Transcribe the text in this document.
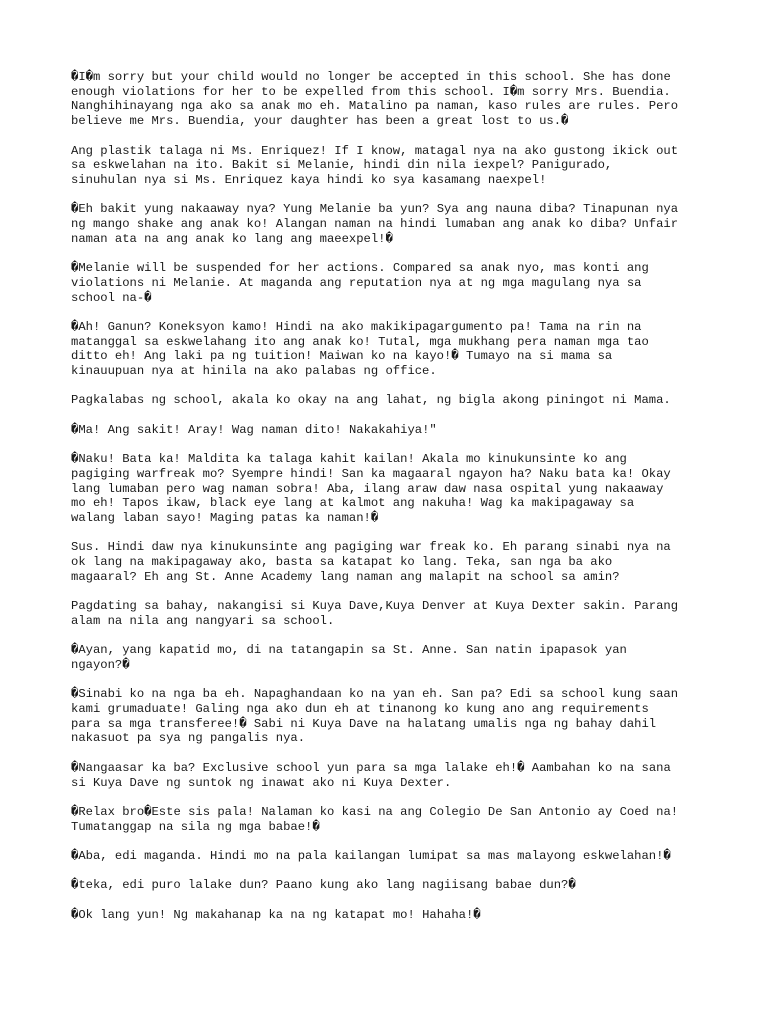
�I�m sorry but your child would no longer be accepted in this school. She has done
enough violations for her to be expelled from this school. I�m sorry Mrs. Buendia.
Nanghihinayang nga ako sa anak mo eh. Matalino pa naman, kaso rules are rules. Pero
believe me Mrs. Buendia, your daughter has been a great lost to us.�

Ang plastik talaga ni Ms. Enriquez! If I know, matagal nya na ako gustong ikick out
sa eskwelahan na ito. Bakit si Melanie, hindi din nila iexpel? Panigurado,
sinuhulan nya si Ms. Enriquez kaya hindi ko sya kasamang naexpel!

�Eh bakit yung nakaaway nya? Yung Melanie ba yun? Sya ang nauna diba? Tinapunan nya
ng mango shake ang anak ko! Alangan naman na hindi lumaban ang anak ko diba? Unfair
naman ata na ang anak ko lang ang maeexpel!�

�Melanie will be suspended for her actions. Compared sa anak nyo, mas konti ang
violations ni Melanie. At maganda ang reputation nya at ng mga magulang nya sa
school na-�

�Ah! Ganun? Koneksyon kamo! Hindi na ako makikipagargumento pa! Tama na rin na
matanggal sa eskwelahang ito ang anak ko! Tutal, mga mukhang pera naman mga tao
ditto eh! Ang laki pa ng tuition! Maiwan ko na kayo!� Tumayo na si mama sa
kinauupuan nya at hinila na ako palabas ng office.

Pagkalabas ng school, akala ko okay na ang lahat, ng bigla akong piningot ni Mama.

�Ma! Ang sakit! Aray! Wag naman dito! Nakakahiya!"

�Naku! Bata ka! Maldita ka talaga kahit kailan! Akala mo kinukunsinte ko ang
pagiging warfreak mo? Syempre hindi! San ka magaaral ngayon ha? Naku bata ka! Okay
lang lumaban pero wag naman sobra! Aba, ilang araw daw nasa ospital yung nakaaway
mo eh! Tapos ikaw, black eye lang at kalmot ang nakuha! Wag ka makipagaway sa
walang laban sayo! Maging patas ka naman!�

Sus. Hindi daw nya kinukunsinte ang pagiging war freak ko. Eh parang sinabi nya na
ok lang na makipagaway ako, basta sa katapat ko lang. Teka, san nga ba ako
magaaral? Eh ang St. Anne Academy lang naman ang malapit na school sa amin?

Pagdating sa bahay, nakangisi si Kuya Dave,Kuya Denver at Kuya Dexter sakin. Parang
alam na nila ang nangyari sa school.

�Ayan, yang kapatid mo, di na tatangapin sa St. Anne. San natin ipapasok yan
ngayon?�

�Sinabi ko na nga ba eh. Napaghandaan ko na yan eh. San pa? Edi sa school kung saan
kami grumaduate! Galing nga ako dun eh at tinanong ko kung ano ang requirements
para sa mga transferee!� Sabi ni Kuya Dave na halatang umalis nga ng bahay dahil
nakasuot pa sya ng pangalis nya.

�Nangaasar ka ba? Exclusive school yun para sa mga lalake eh!� Aambahan ko na sana
si Kuya Dave ng suntok ng inawat ako ni Kuya Dexter.

�Relax bro�Este sis pala! Nalaman ko kasi na ang Colegio De San Antonio ay Coed na!
Tumatanggap na sila ng mga babae!�

�Aba, edi maganda. Hindi mo na pala kailangan lumipat sa mas malayong eskwelahan!�

�teka, edi puro lalake dun? Paano kung ako lang nagiisang babae dun?�

�Ok lang yun! Ng makahanap ka na ng katapat mo! Hahaha!�
